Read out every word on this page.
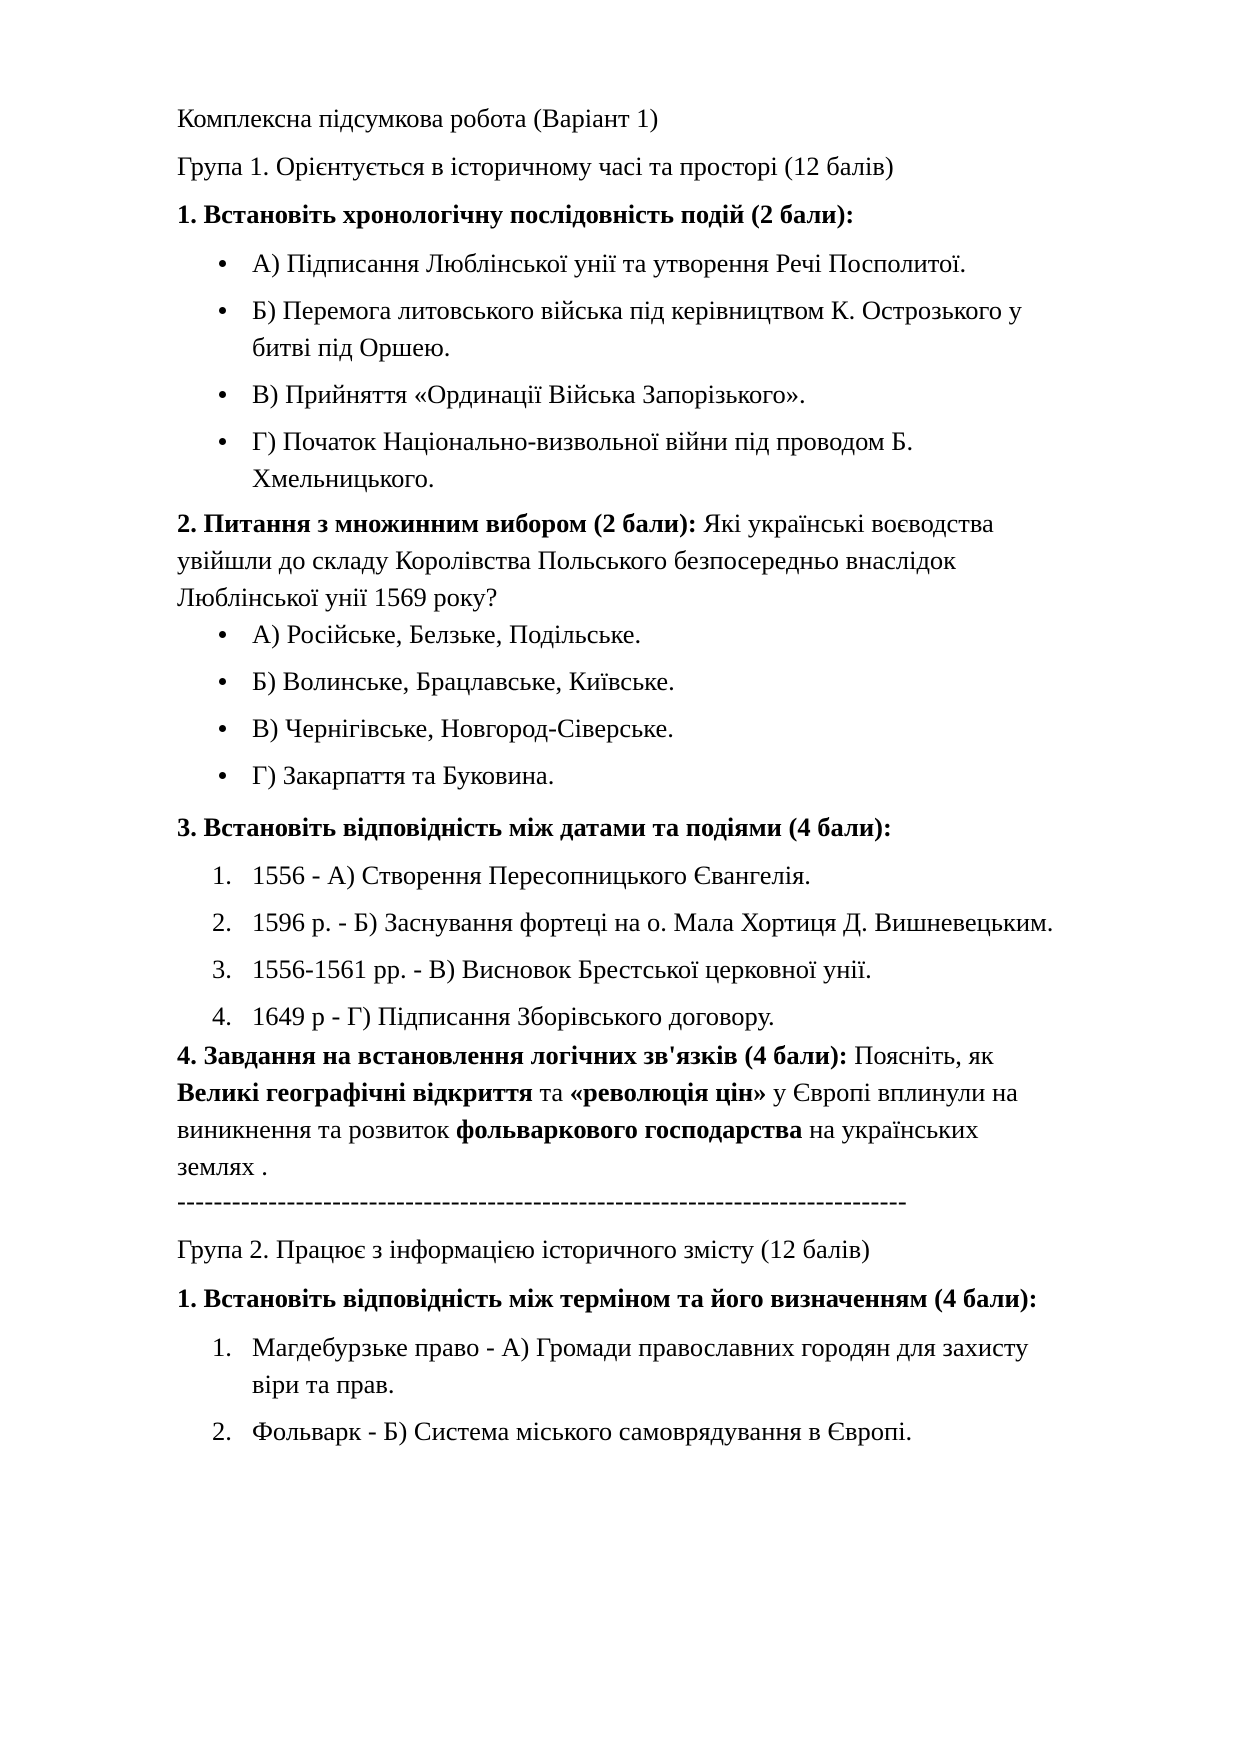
Комплексна підсумкова робота (Варіант 1)

Група 1. Орієнтується в історичному часі та просторі (12 балів)

1. Встановіть хронологічну послідовність подій (2 бали):

А) Підписання Люблінської унії та утворення Речі Посполитої.
Б) Перемога литовського війська під керівництвом К. Острозького у битві під Оршею.
В) Прийняття «Ординації Війська Запорізького».
Г) Початок Національно-визвольної війни під проводом Б. Хмельницького.

2. Питання з множинним вибором (2 бали): Які українські воєводства увійшли до складу Королівства Польського безпосередньо внаслідок Люблінської унії 1569 року?

А) Російське, Белзьке, Подільське.
Б) Волинське, Брацлавське, Київське.
В) Чернігівське, Новгород-Сіверське.
Г) Закарпаття та Буковина.

3. Встановіть відповідність між датами та подіями (4 бали):

1. 1556 - А) Створення Пересопницького Євангелія.
2. 1596 р. - Б) Заснування фортеці на о. Мала Хортиця Д. Вишневецьким.
3. 1556-1561 рр. - В) Висновок Брестської церковної унії.
4. 1649 р - Г) Підписання Зборівського договору.

4. Завдання на встановлення логічних зв'язків (4 бали): Поясніть, як Великі географічні відкриття та «революція цін» у Європі вплинули на виникнення та розвиток фольваркового господарства на українських землях .

--------------------------------------------------------------------------------

Група 2. Працює з інформацією історичного змісту (12 балів)

1. Встановіть відповідність між терміном та його визначенням (4 бали):

1. Магдебурзьке право - А) Громади православних городян для захисту віри та прав.
2. Фольварк - Б) Система міського самоврядування в Європі.
